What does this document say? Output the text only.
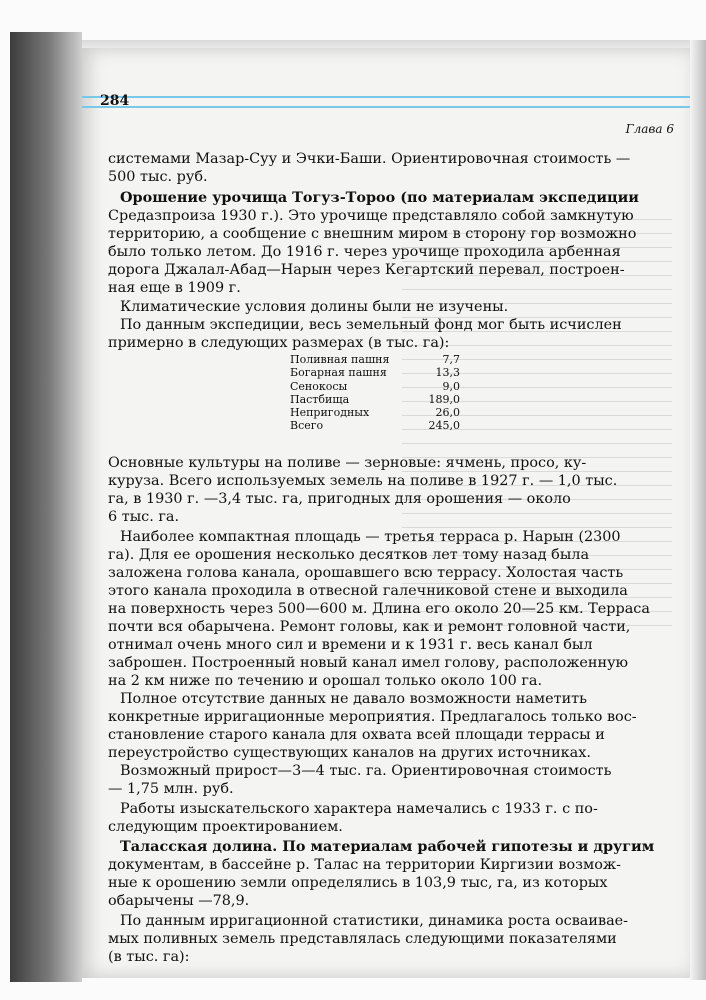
284
Глава 6
системами Мазар-Суу и Эчки-Баши. Ориентировочная стоимость —
500 тыс. руб.
Орошение урочища Тогуз-Тороо (по материалам экспедиции
Средазпроиза 1930 г.). Это урочище представляло собой замкнутую
территорию, а сообщение с внешним миром в сторону гор возможно
было только летом. До 1916 г. через урочище проходила арбенная
дорога Джалал-Абад—Нарын через Кегартский перевал, построен-
ная еще в 1909 г.
Климатические условия долины были не изучены.
По данным экспедиции, весь земельный фонд мог быть исчислен
примерно в следующих размерах (в тыс. га):
Поливная пашня	7,7
Богарная пашня	13,3
Сенокосы	9,0
Пастбища	189,0
Непригодных	26,0
Всего	245,0
Основные культуры на поливе — зерновые: ячмень, просо, ку-
куруза. Всего используемых земель на поливе в 1927 г. — 1,0 тыс.
га, в 1930 г. —3,4 тыс. га, пригодных для орошения — около
6 тыс. га.
Наиболее компактная площадь — третья терраса р. Нарын (2300
га). Для ее орошения несколько десятков лет тому назад была
заложена голова канала, орошавшего всю террасу. Холостая часть
этого канала проходила в отвесной галечниковой стене и выходила
на поверхность через 500—600 м. Длина его около 20—25 км. Терраса
почти вся обарычена. Ремонт головы, как и ремонт головной части,
отнимал очень много сил и времени и к 1931 г. весь канал был
заброшен. Построенный новый канал имел голову, расположенную
на 2 км ниже по течению и орошал только около 100 га.
Полное отсутствие данных не давало возможности наметить
конкретные ирригационные мероприятия. Предлагалось только вос-
становление старого канала для охвата всей площади террасы и
переустройство существующих каналов на других источниках.
Возможный прирост—3—4 тыс. га. Ориентировочная стоимость
— 1,75 млн. руб.
Работы изыскательского характера намечались с 1933 г. с по-
следующим проектированием.
Таласская долина. По материалам рабочей гипотезы и другим
документам, в бассейне р. Талас на территории Киргизии возмож-
ные к орошению земли определялись в 103,9 тыс, га, из которых
обарычены —78,9.
По данным ирригационной статистики, динамика роста осваивае-
мых поливных земель представлялась следующими показателями
(в тыс. га):
